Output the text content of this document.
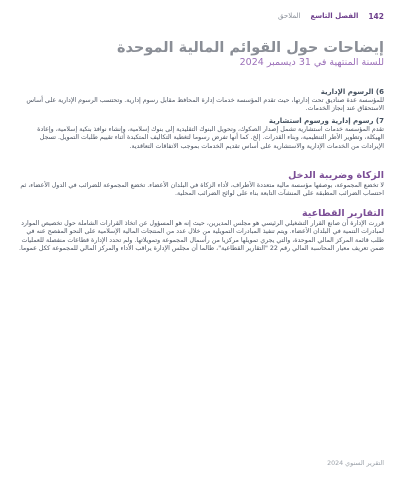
142
الفصل التاسع
الملاحق
إيضاحات حول القوائم المالية الموحدة
للسنة المنتهية في 31 ديسمبر 2024

6) الرسوم الإدارية

للمؤسسة عدة صناديق تحت إدارتها، حيث تقدم المؤسسة خدمات إدارة المحافظ مقابل رسوم إدارية. وتحتسب الرسوم الإدارية على أساس الاستحقاق عند إنجاز الخدمات.

7) رسوم إدارية ورسوم استشارية

تقدم المؤسسة خدمات استشارية تشمل إصدار الصكوك، وتحويل البنوك التقليدية إلى بنوك إسلامية، وإنشاء نوافذ بنكية إسلامية، وإعادة الهيكلة، وتطوير الأطر التنظيمية، وبناء القدرات. إلخ. كما أنها تفرض رسوما لتغطية التكاليف المتكبدة أثناء تقييم طلبات التمويل. تسجل الإيرادات من الخدمات الإدارية والاستشارية على أساس تقديم الخدمات بموجب الاتفاقات التعاقدية.

الزكاة وضريبة الدخل

لا تخضع المجموعة، بوصفها مؤسسة مالية متعددة الأطراف، لأداء الزكاة في البلدان الأعضاء. تخضع المجموعة للضرائب في الدول الأعضاء، ثم احتساب الضرائب المطبقة على المنشآت التابعة بناء على لوائح الضرائب المحلية.

التقارير القطاعية

قررت الإدارة أن صانع القرار التشغيلي الرئيسي هو مجلس المديرين، حيث إنه هو المسؤول عن اتخاذ القرارات الشاملة حول تخصيص الموارد لمبادرات التنمية في البلدان الأعضاء. ويتم تنفيذ المبادرات التمويلية من خلال عدد من المنتجات المالية الإسلامية على النحو المفصح عنه في طلب قائمة المركز المالي الموحدة، والتي يجري تمويلها مركزيا من رأسمال المجموعة وتمويلاتها. ولم تحدد الإدارة قطاعات منفصلة للعمليات ضمن تعريف معيار المحاسبة المالي رقم 22 "التقارير القطاعية"، طالما أن مجلس الإدارة يراقب الأداء والمركز المالي للمجموعة ككل عموما.

التقرير السنوي 2024
